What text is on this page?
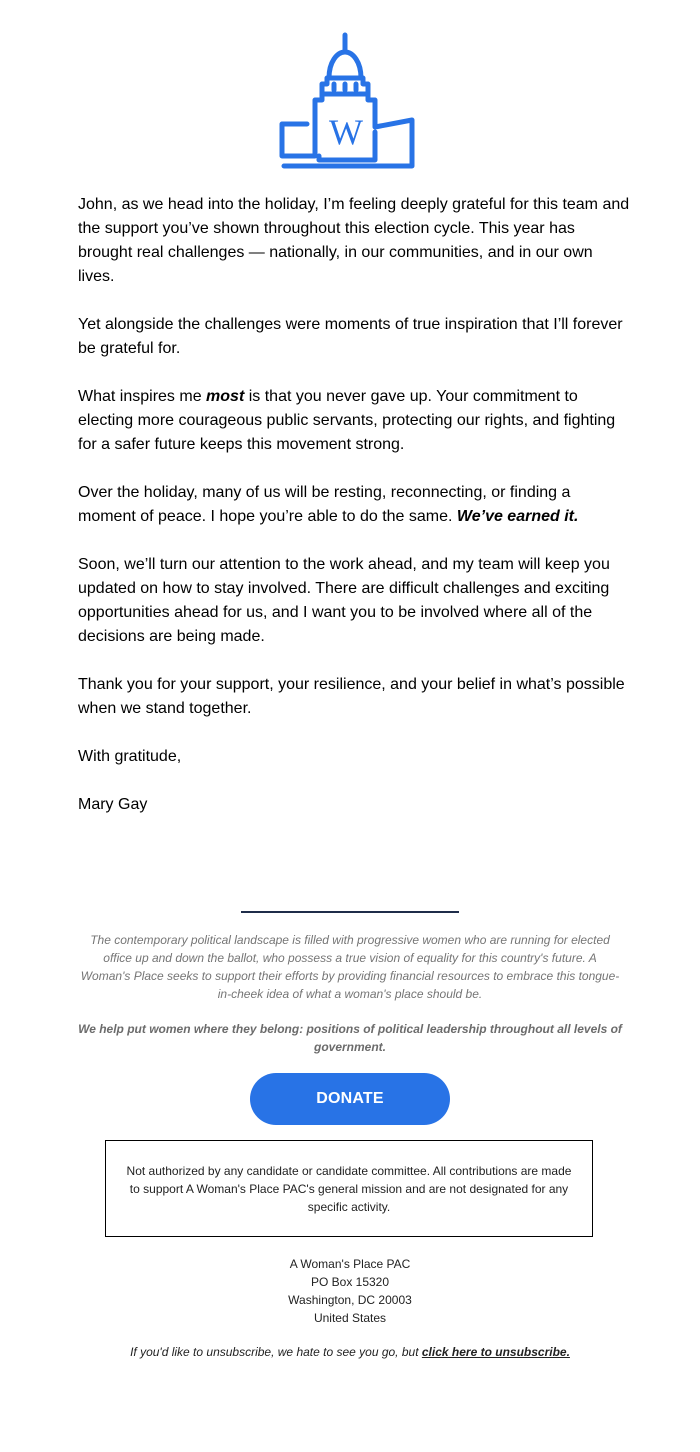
W

John, as we head into the holiday, I’m feeling deeply grateful for this team and the support you’ve shown throughout this election cycle. This year has brought real challenges — nationally, in our communities, and in our own lives.

Yet alongside the challenges were moments of true inspiration that I’ll forever be grateful for.

What inspires me most is that you never gave up. Your commitment to electing more courageous public servants, protecting our rights, and fighting for a safer future keeps this movement strong.

Over the holiday, many of us will be resting, reconnecting, or finding a moment of peace. I hope you’re able to do the same. We’ve earned it.

Soon, we’ll turn our attention to the work ahead, and my team will keep you updated on how to stay involved. There are difficult challenges and exciting opportunities ahead for us, and I want you to be involved where all of the decisions are being made.

Thank you for your support, your resilience, and your belief in what’s possible when we stand together.

With gratitude,

Mary Gay

The contemporary political landscape is filled with progressive women who are running for elected

office up and down the ballot, who possess a true vision of equality for this country's future. A

Woman's Place seeks to support their efforts by providing financial resources to embrace this tongue-

in-cheek idea of what a woman's place should be.

We help put women where they belong: positions of political leadership throughout all levels of government.
DONATE
Not authorized by any candidate or candidate committee. All contributions are made to support A Woman's Place PAC's general mission and are not designated for any specific activity.
A Woman's Place PAC
PO Box 15320
Washington, DC 20003
United States
If you'd like to unsubscribe, we hate to see you go, but click here to unsubscribe.
